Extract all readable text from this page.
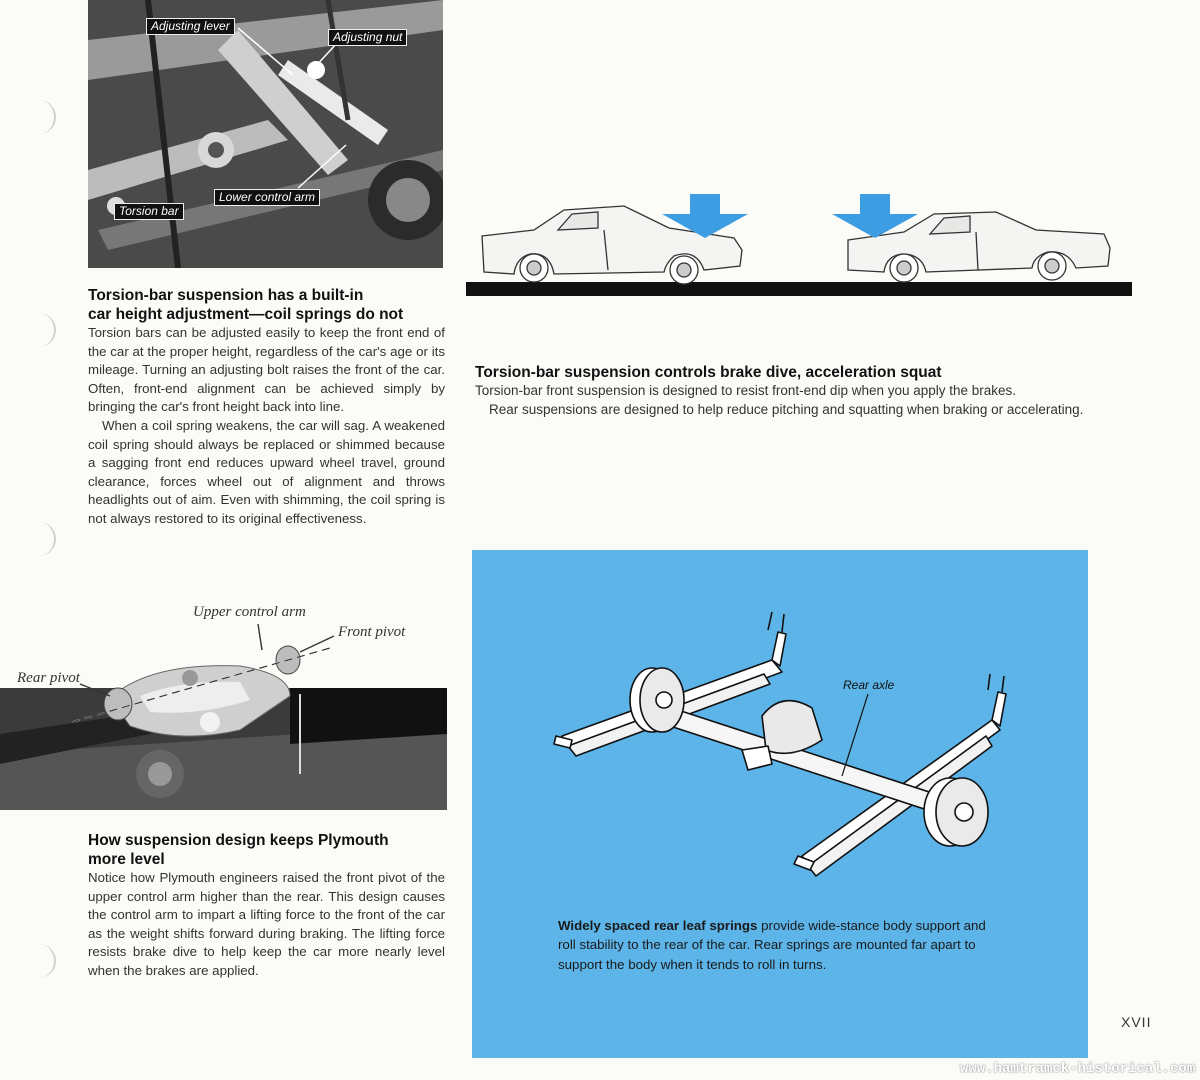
Adjusting lever
Adjusting nut
Lower control arm
Torsion bar
Torsion-bar suspension has a built-in
car height adjustment—coil springs do not

Torsion bars can be adjusted easily to keep the front end of the car at the proper height, regardless of the car's age or its mileage. Turning an adjusting bolt raises the front of the car. Often, front-end alignment can be achieved simply by bringing the car's front height back into line.

When a coil spring weakens, the car will sag. A weakened coil spring should always be replaced or shimmed because a sagging front end reduces upward wheel travel, ground clearance, forces wheel out of alignment and throws headlights out of aim. Even with shimming, the coil spring is not always restored to its original effectiveness.

Torsion-bar suspension controls brake dive, acceleration squat

Torsion-bar front suspension is designed to resist front-end dip when you apply the brakes.

Rear suspensions are designed to help reduce pitching and squatting when braking or accelerating.

Upper control arm
Front pivot
Rear pivot
How suspension design keeps Plymouth
more level

Notice how Plymouth engineers raised the front pivot of the upper control arm higher than the rear. This design causes the control arm to impart a lifting force to the front of the car as the weight shifts forward during braking. The lifting force resists brake dive to help keep the car more nearly level when the brakes are applied.

Rear axle
Widely spaced rear leaf springs provide wide-stance body support and roll stability to the rear of the car. Rear springs are mounted far apart to support the body when it tends to roll in turns.
XVII
www.hamtramck-historical.com
